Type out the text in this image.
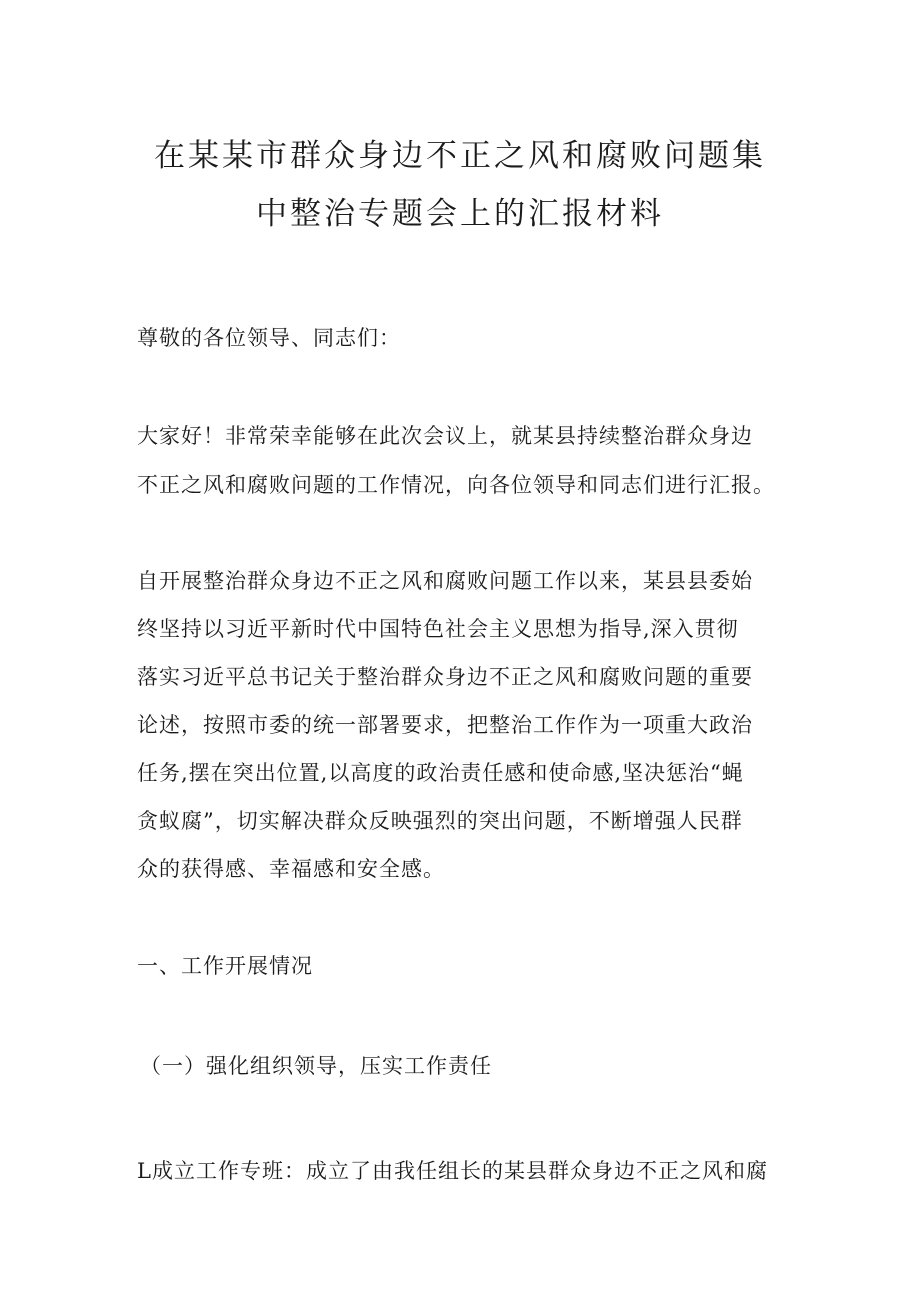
在某某市群众身边不正之风和腐败问题集
中整治专题会上的汇报材料

尊敬的各位领导、同志们：

大家好！非常荣幸能够在此次会议上，就某县持续整治群众身边

不正之风和腐败问题的工作情况，向各位领导和同志们进行汇报。

自开展整治群众身边不正之风和腐败问题工作以来，某县县委始

终坚持以习近平新时代中国特色社会主义思想为指导,深入贯彻

落实习近平总书记关于整治群众身边不正之风和腐败问题的重要

论述，按照市委的统一部署要求，把整治工作作为一项重大政治

任务,摆在突出位置,以高度的政治责任感和使命感,坚决惩治“蝇

贪蚁腐”，切实解决群众反映强烈的突出问题，不断增强人民群

众的获得感、幸福感和安全感。

一、工作开展情况

（一）强化组织领导，压实工作责任

L成立工作专班：成立了由我任组长的某县群众身边不正之风和腐
